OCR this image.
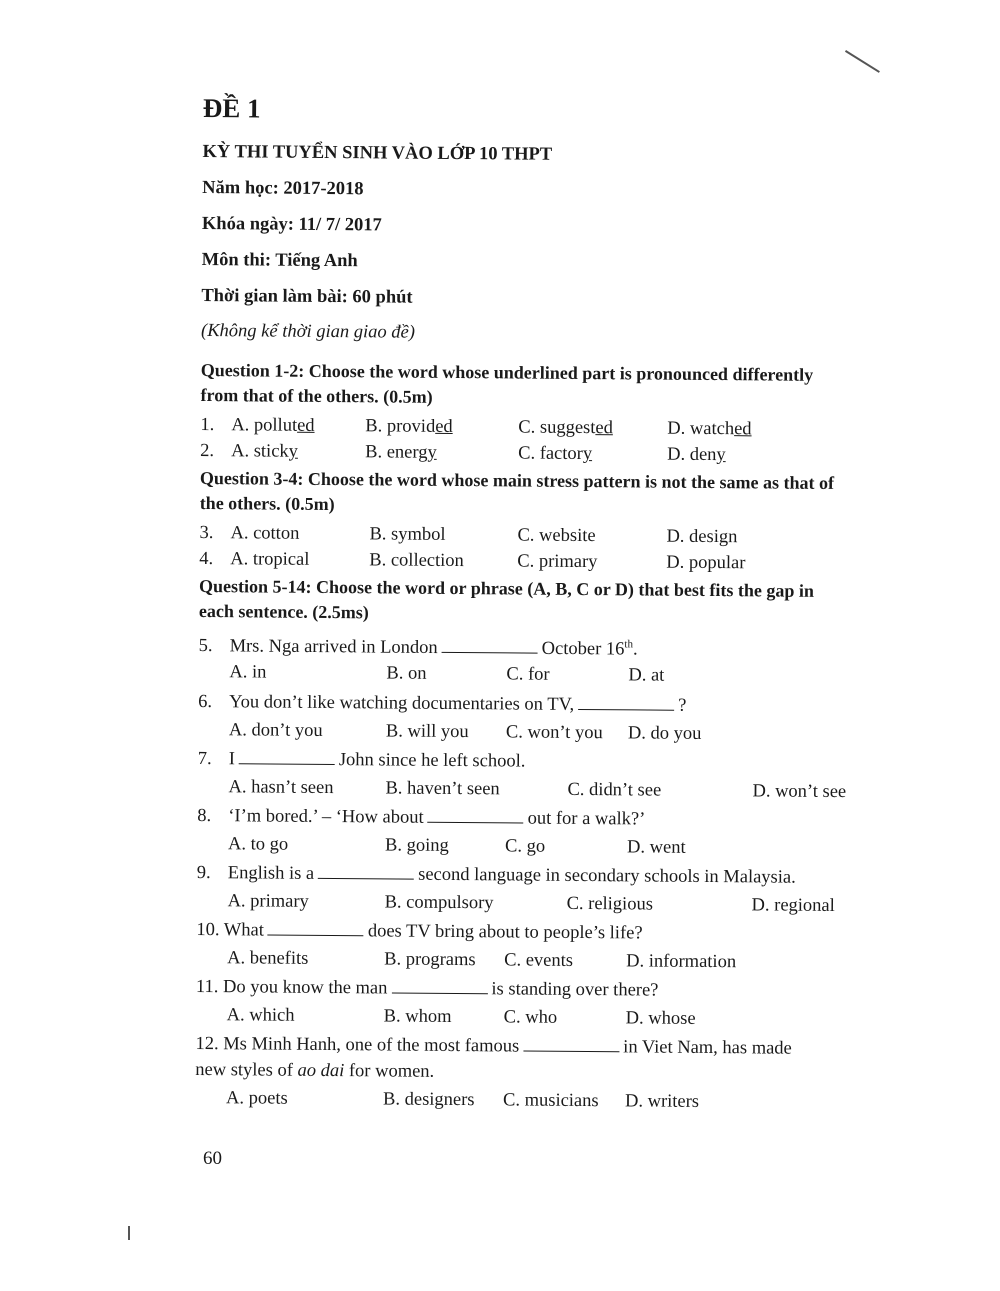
ĐỀ 1
KỲ THI TUYỂN SINH VÀO LỚP 10 THPT
Năm học: 2017-2018
Khóa ngày: 11/ 7/ 2017
Môn thi: Tiếng Anh
Thời gian làm bài: 60 phút
(Không kể thời gian giao đề)
Question 1-2: Choose the word whose underlined part is pronounced differently from that of the others. (0.5m)
1. A. polluted	B. provided	C. suggested	D. watched
2. A. sticky	B. energy	C. factory	D. deny
Question 3-4: Choose the word whose main stress pattern is not the same as that of the others. (0.5m)
3. A. cotton	B. symbol	C. website	D. design
4. A. tropical	B. collection	C. primary	D. popular
Question 5-14: Choose the word or phrase (A, B, C or D) that best fits the gap in each sentence. (2.5ms)
5. Mrs. Nga arrived in London	October 16th.
A. in	B. on	C. for	D. at
6. You don’t like watching documentaries on TV,	?
A. don’t you	B. will you C. won’t you D. do you
7. I	John since he left school.
A. hasn’t seen	B. haven’t seen	C. didn’t see	D. won’t see
8. ‘I’m bored.’ – ‘How about	out for a walk?’
A. to go	B. going	C. go	D. went
9. English is a	second language in secondary schools in Malaysia.
A. primary	B. compulsory	C. religious	D. regional
10. What	does TV bring about to people’s life?
A. benefits	B. programs C. events	D. information
11. Do you know the man	is standing over there?
A. which	B. whom	C. who	D. whose
12. Ms Minh Hanh, one of the most famous	in Viet Nam, has made
new styles of ao dai for women.
A. poets	B. designers C. musicians D. writers
60
